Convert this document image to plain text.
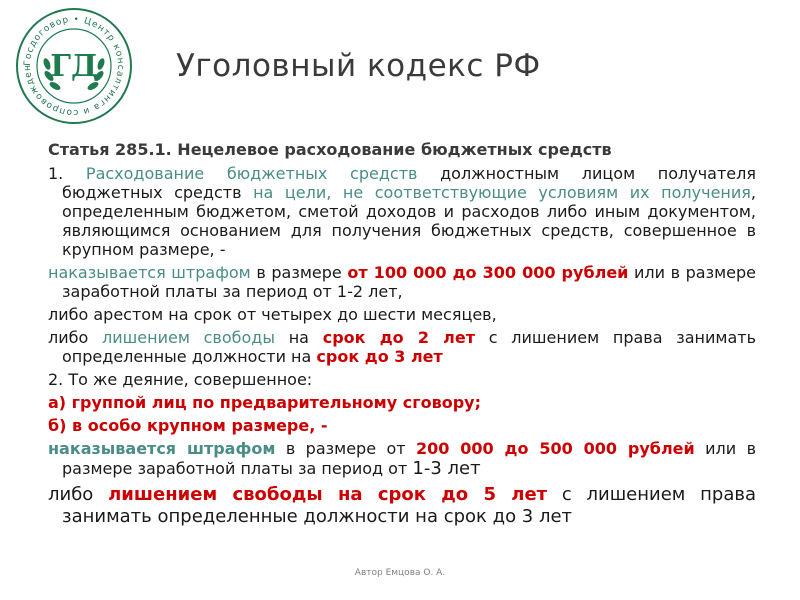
Госдоговор • Центр консалтинга и сопровожден ГД	Уголовный кодекс РФ
Статья 285.1. Нецелевое расходование бюджетных средств

1. Расходование бюджетных средств должностным лицом получателя бюджетных средств на цели, не соответствующие условиям их получения, определенным бюджетом, сметой доходов и расходов либо иным документом, являющимся основанием для получения бюджетных средств, совершенное в крупном размере, -

наказывается штрафом в размере от 100 000 до 300 000 рублей или в размере заработной платы за период от 1-2 лет,

либо арестом на срок от четырех до шести месяцев,

либо лишением свободы на срок до 2 лет с лишением права занимать определенные должности на срок до 3 лет

2. То же деяние, совершенное:

а) группой лиц по предварительному сговору;

б) в особо крупном размере, -

наказывается штрафом в размере от 200 000 до 500 000 рублей или в размере заработной платы за период от 1-3 лет

либо лишением свободы на срок до 5 лет с лишением права занимать определенные должности на срок до 3 лет

Автор Емцова О. А.
